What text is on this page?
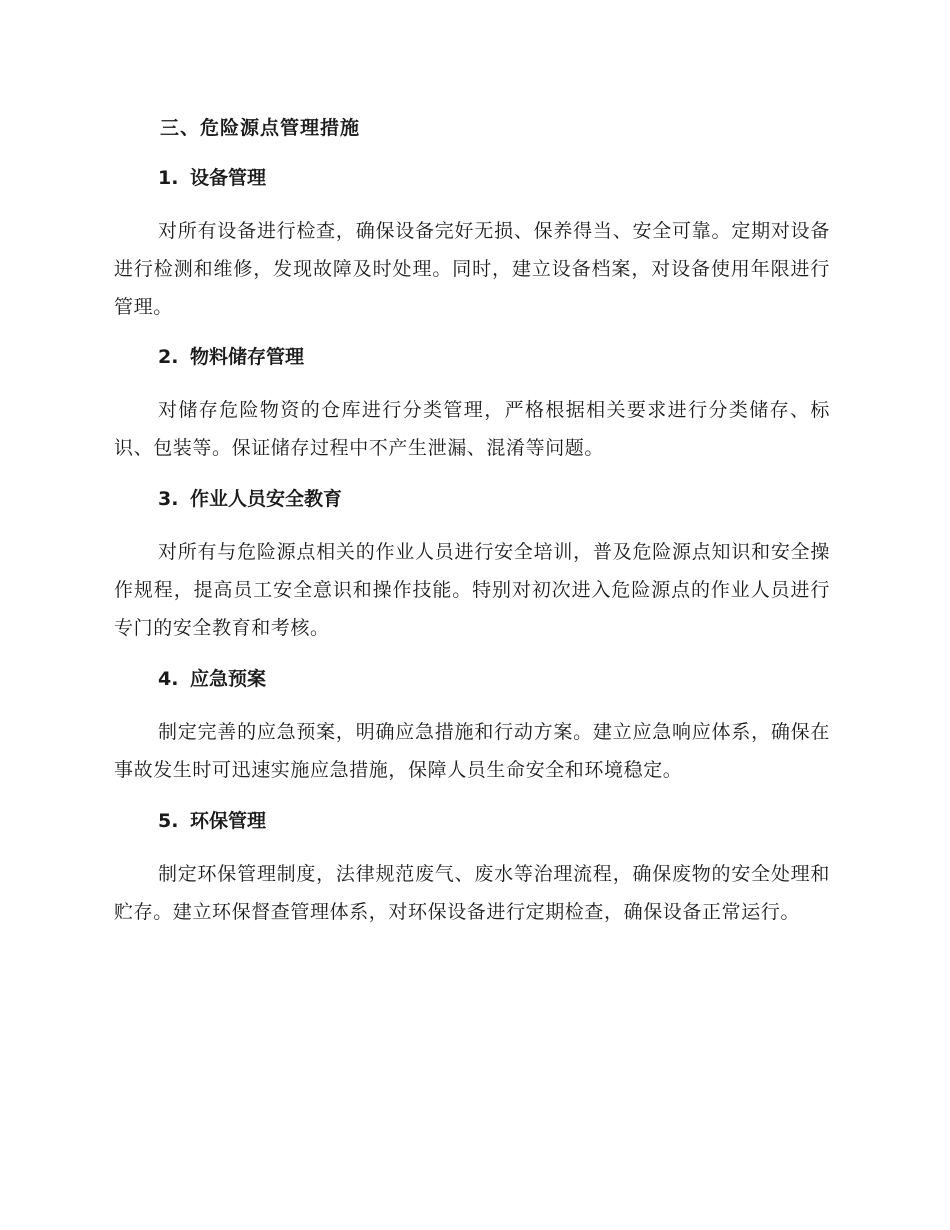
三、危险源点管理措施
1. 设备管理

对所有设备进行检查，确保设备完好无损、保养得当、安全可靠。定期对设备进行检测和维修，发现故障及时处理。同时，建立设备档案，对设备使用年限进行管理。

2. 物料储存管理

对储存危险物资的仓库进行分类管理，严格根据相关要求进行分类储存、标识、包装等。保证储存过程中不产生泄漏、混淆等问题。

3. 作业人员安全教育

对所有与危险源点相关的作业人员进行安全培训，普及危险源点知识和安全操作规程，提高员工安全意识和操作技能。特别对初次进入危险源点的作业人员进行专门的安全教育和考核。

4. 应急预案

制定完善的应急预案，明确应急措施和行动方案。建立应急响应体系，确保在事故发生时可迅速实施应急措施，保障人员生命安全和环境稳定。

5. 环保管理

制定环保管理制度，法律规范废气、废水等治理流程，确保废物的安全处理和贮存。建立环保督查管理体系，对环保设备进行定期检查，确保设备正常运行。
